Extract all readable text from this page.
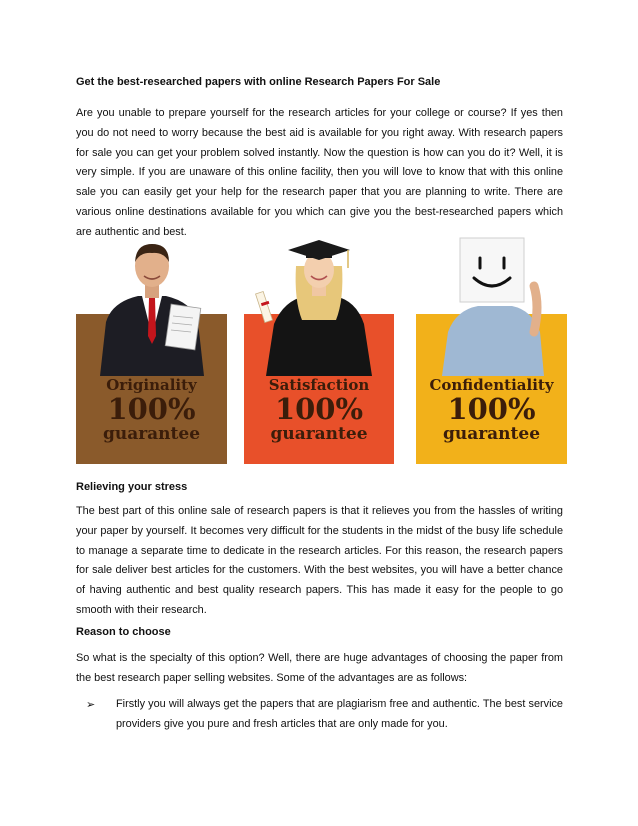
Get the best-researched papers with online Research Papers For Sale

Are you unable to prepare yourself for the research articles for your college or course? If yes then you do not need to worry because the best aid is available for you right away. With research papers for sale you can get your problem solved instantly. Now the question is how can you do it? Well, it is very simple. If you are unaware of this online facility, then you will love to know that with this online sale you can easily get your help for the research paper that you are planning to write. There are various online destinations available for you which can give you the best-researched papers which are authentic and best.

Relieving your stress

The best part of this online sale of research papers is that it relieves you from the hassles of writing your paper by yourself. It becomes very difficult for the students in the midst of the busy life schedule to manage a separate time to dedicate in the research articles. For this reason, the research papers for sale deliver best articles for the customers. With the best websites, you will have a better chance of having authentic and best quality research papers. This has made it easy for the people to go smooth with their research.

Reason to choose

So what is the specialty of this option? Well, there are huge advantages of choosing the paper from the best research paper selling websites. Some of the advantages are as follows:

➢ Firstly you will always get the papers that are plagiarism free and authentic. The best service providers give you pure and fresh articles that are only made for you.

Originality
100%
guarantee
Satisfaction
100%
guarantee
Confidentiality
100%
guarantee
